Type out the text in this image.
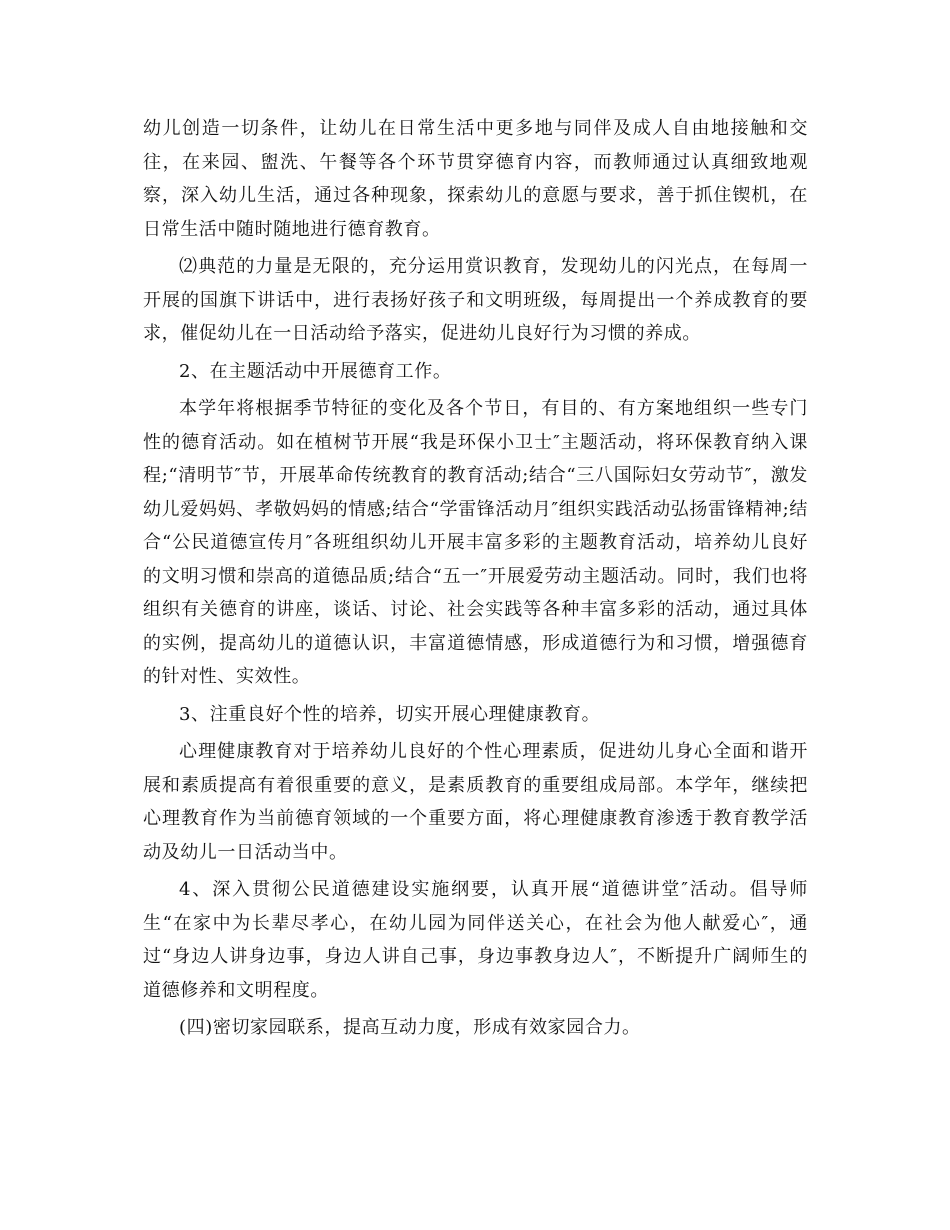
幼儿创造一切条件，让幼儿在日常生活中更多地与同伴及成人自由地接触和交往，在来园、盥洗、午餐等各个环节贯穿德育内容，而教师通过认真细致地观察，深入幼儿生活，通过各种现象，探索幼儿的意愿与要求，善于抓住锲机，在日常生活中随时随地进行德育教育。

⑵典范的力量是无限的，充分运用赏识教育，发现幼儿的闪光点，在每周一开展的国旗下讲话中，进行表扬好孩子和文明班级，每周提出一个养成教育的要求，催促幼儿在一日活动给予落实，促进幼儿良好行为习惯的养成。

2、在主题活动中开展德育工作。

本学年将根据季节特征的变化及各个节日，有目的、有方案地组织一些专门性的德育活动。如在植树节开展“我是环保小卫士″主题活动，将环保教育纳入课程;“清明节″节，开展革命传统教育的教育活动;结合“三八国际妇女劳动节″，激发幼儿爱妈妈、孝敬妈妈的情感;结合“学雷锋活动月″组织实践活动弘扬雷锋精神;结合“公民道德宣传月″各班组织幼儿开展丰富多彩的主题教育活动，培养幼儿良好的文明习惯和崇高的道德品质;结合“五一″开展爱劳动主题活动。同时，我们也将组织有关德育的讲座，谈话、讨论、社会实践等各种丰富多彩的活动，通过具体的实例，提高幼儿的道德认识，丰富道德情感，形成道德行为和习惯，增强德育的针对性、实效性。

3、注重良好个性的培养，切实开展心理健康教育。

心理健康教育对于培养幼儿良好的个性心理素质，促进幼儿身心全面和谐开展和素质提高有着很重要的意义，是素质教育的重要组成局部。本学年，继续把心理教育作为当前德育领域的一个重要方面，将心理健康教育渗透于教育教学活动及幼儿一日活动当中。

4、深入贯彻公民道德建设实施纲要，认真开展“道德讲堂″活动。倡导师生“在家中为长辈尽孝心，在幼儿园为同伴送关心，在社会为他人献爱心″，通过“身边人讲身边事，身边人讲自己事，身边事教身边人″，不断提升广阔师生的道德修养和文明程度。

(四)密切家园联系，提高互动力度，形成有效家园合力。
